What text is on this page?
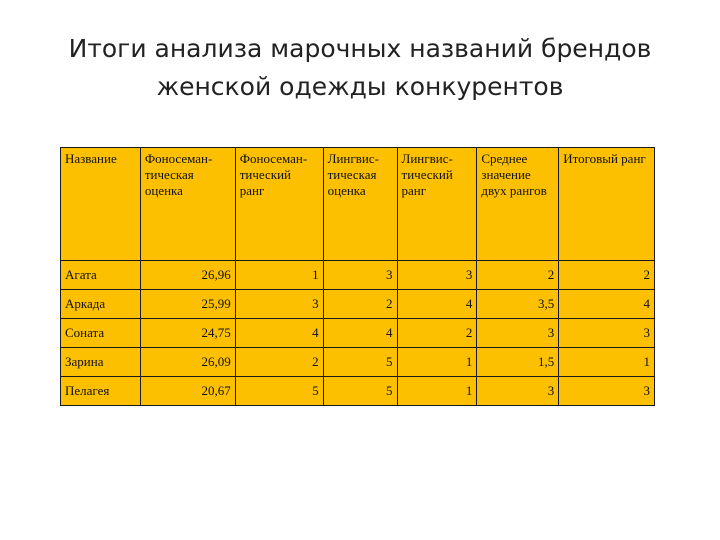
Итоги анализа марочных названий брендов
женской одежды конкурентов
Название	Фоносеман-тическая оценка	Фоносеман-тический ранг	Лингвис-тическая оценка	Лингвис-тический ранг	Среднее значение двух рангов	Итоговый ранг
Агата	26,96	1	3	3	2	2
Аркада	25,99	3	2	4	3,5	4
Соната	24,75	4	4	2	3	3
Зарина	26,09	2	5	1	1,5	1
Пелагея	20,67	5	5	1	3	3
